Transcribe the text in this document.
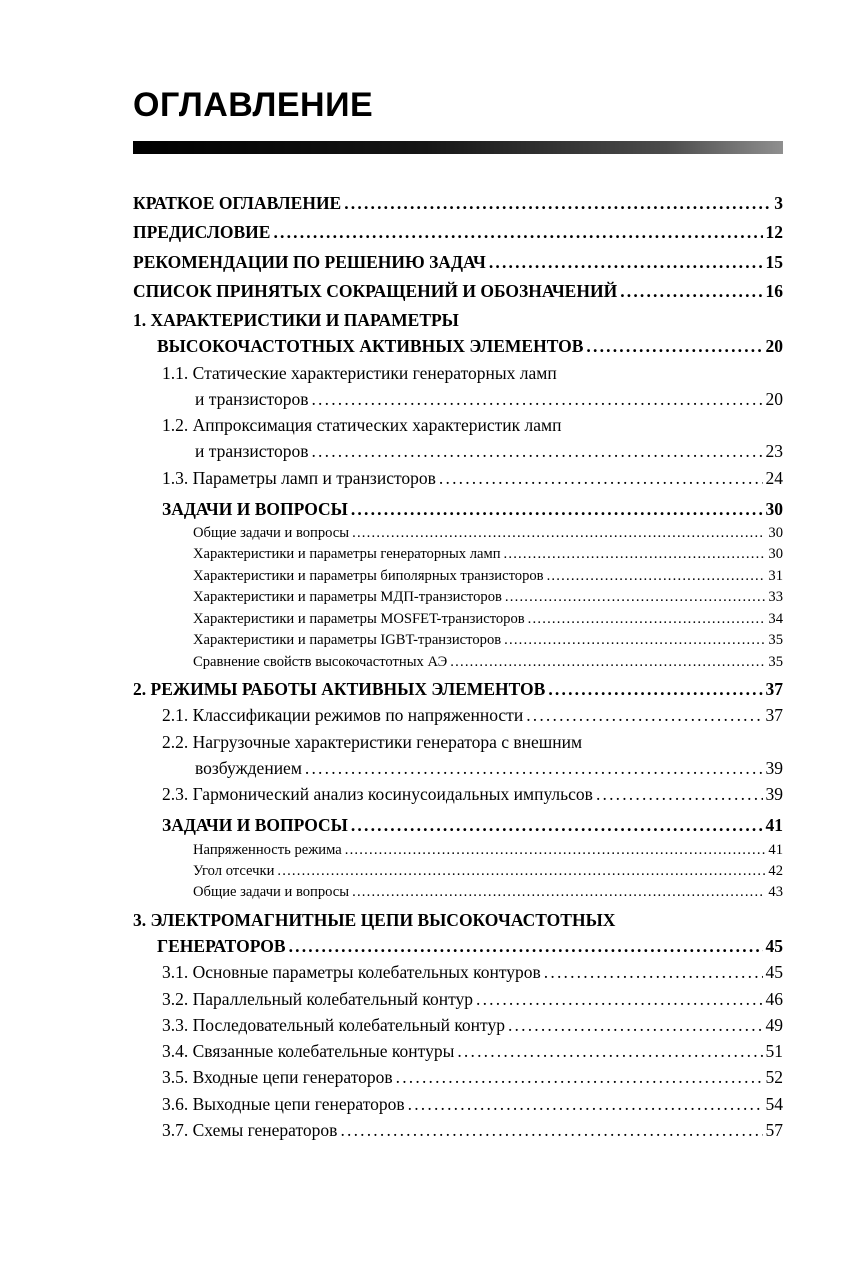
ОГЛАВЛЕНИЕ
КРАТКОЕ ОГЛАВЛЕНИЕ .....	3
ПРЕДИСЛОВИЕ .....	12
РЕКОМЕНДАЦИИ ПО РЕШЕНИЮ ЗАДАЧ .....	15
СПИСОК ПРИНЯТЫХ СОКРАЩЕНИЙ И ОБОЗНАЧЕНИЙ .....	16
1. ХАРАКТЕРИСТИКИ И ПАРАМЕТРЫ
ВЫСОКОЧАСТОТНЫХ АКТИВНЫХ ЭЛЕМЕНТОВ .....	20
1.1. Статические характеристики генераторных ламп
и транзисторов .....	20
1.2. Аппроксимация статических характеристик ламп
и транзисторов .....	23
1.3. Параметры ламп и транзисторов .....	24
ЗАДАЧИ И ВОПРОСЫ .....	30
Общие задачи и вопросы .....	30
Характеристики и параметры генераторных ламп .....	30
Характеристики и параметры биполярных транзисторов .....	31
Характеристики и параметры МДП-транзисторов .....	33
Характеристики и параметры MOSFET-транзисторов .....	34
Характеристики и параметры IGBT-транзисторов .....	35
Сравнение свойств высокочастотных АЭ .....	35
2. РЕЖИМЫ РАБОТЫ АКТИВНЫХ ЭЛЕМЕНТОВ .....	37
2.1. Классификации режимов по напряженности .....	37
2.2. Нагрузочные характеристики генератора с внешним
возбуждением .....	39
2.3. Гармонический анализ косинусоидальных импульсов .....	39
ЗАДАЧИ И ВОПРОСЫ .....	41
Напряженность режима .....	41
Угол отсечки .....	42
Общие задачи и вопросы .....	43
3. ЭЛЕКТРОМАГНИТНЫЕ ЦЕПИ ВЫСОКОЧАСТОТНЫХ
ГЕНЕРАТОРОВ .....	45
3.1. Основные параметры колебательных контуров .....	45
3.2. Параллельный колебательный контур .....	46
3.3. Последовательный колебательный контур .....	49
3.4. Связанные колебательные контуры .....	51
3.5. Входные цепи генераторов .....	52
3.6. Выходные цепи генераторов .....	54
3.7. Схемы генераторов .....	57
